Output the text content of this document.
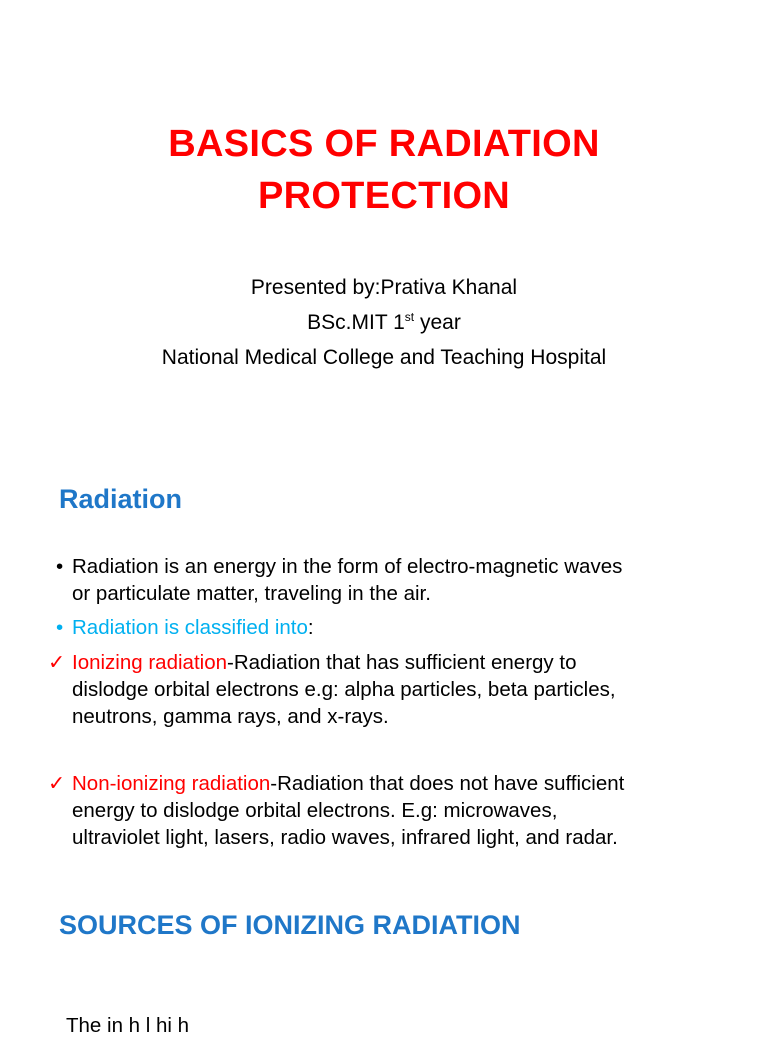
BASICS OF RADIATION
PROTECTION
Presented by:Prativa Khanal
BSc.MIT 1st year
National Medical College and Teaching Hospital
Radiation
• Radiation is an energy in the form of electro-magnetic waves
or particulate matter, traveling in the air.
• Radiation is classified into:
✓ Ionizing radiation-Radiation that has sufficient energy to
dislodge orbital electrons e.g: alpha particles, beta particles,
neutrons, gamma rays, and x-rays.
✓ Non-ionizing radiation-Radiation that does not have sufficient
energy to dislodge orbital electrons. E.g: microwaves,
ultraviolet light, lasers, radio waves, infrared light, and radar.
SOURCES OF IONIZING RADIATION
The in h l hi h
